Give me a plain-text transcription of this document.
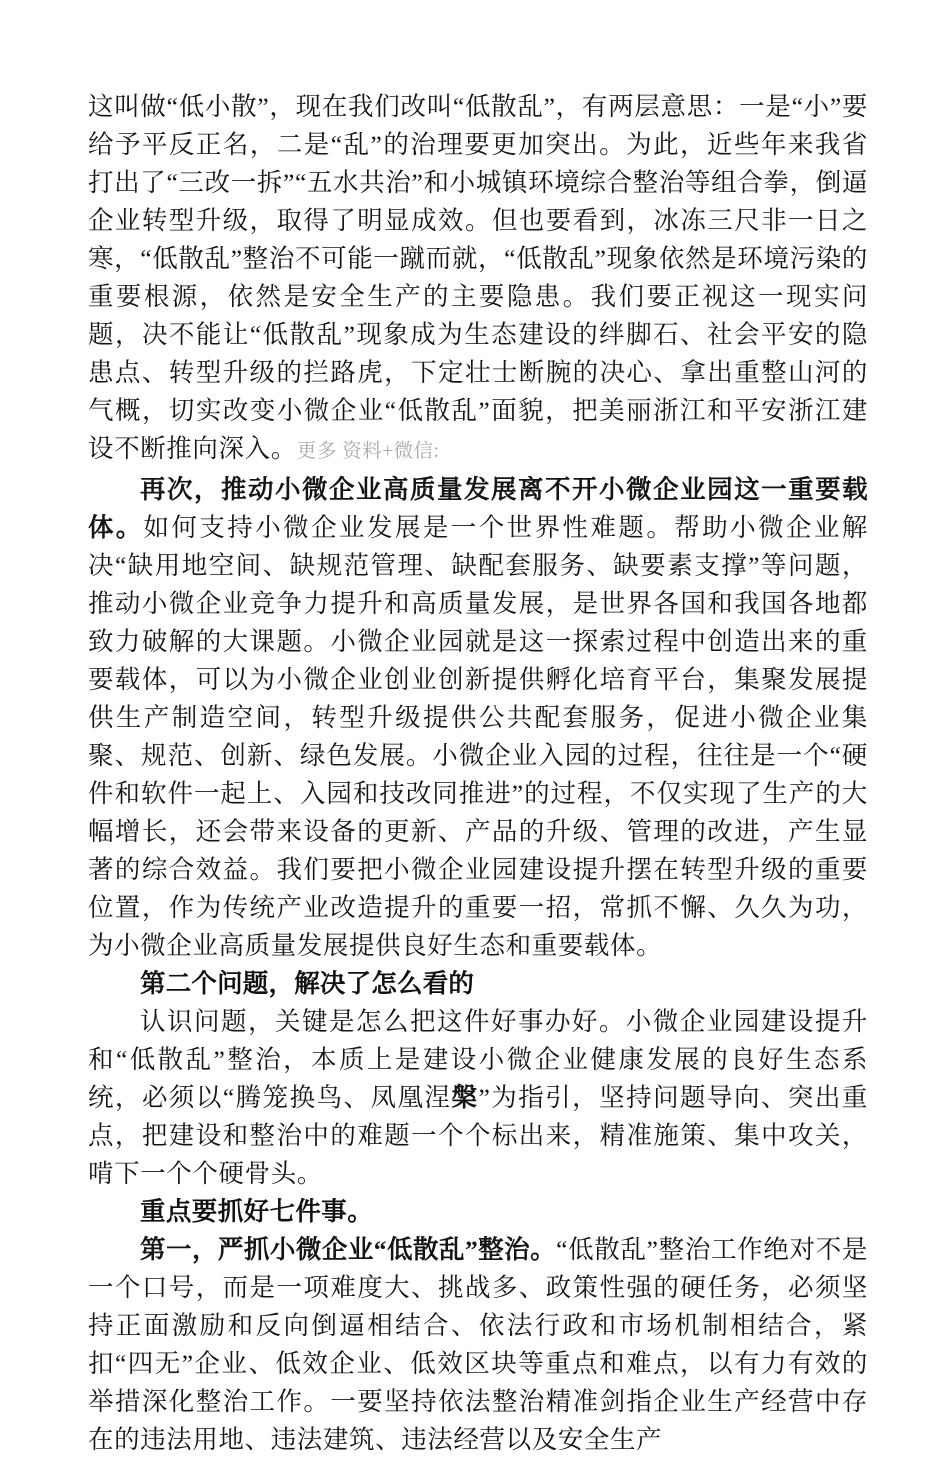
这叫做“低小散”，现在我们改叫“低散乱”，有两层意思：一是“小”要给予平反正名，二是“乱”的治理要更加突出。为此，近些年来我省打出了“三改一拆”“五水共治”和小城镇环境综合整治等组合拳，倒逼企业转型升级，取得了明显成效。但也要看到，冰冻三尺非一日之寒，“低散乱”整治不可能一蹴而就，“低散乱”现象依然是环境污染的重要根源，依然是安全生产的主要隐患。我们要正视这一现实问题，决不能让“低散乱”现象成为生态建设的绊脚石、社会平安的隐患点、转型升级的拦路虎，下定壮士断腕的决心、拿出重整山河的气概，切实改变小微企业“低散乱”面貌，把美丽浙江和平安浙江建设不断推向深入。更多 资料+微信:

再次，推动小微企业高质量发展离不开小微企业园这一重要载体。如何支持小微企业发展是一个世界性难题。帮助小微企业解决“缺用地空间、缺规范管理、缺配套服务、缺要素支撑”等问题，推动小微企业竞争力提升和高质量发展，是世界各国和我国各地都致力破解的大课题。小微企业园就是这一探索过程中创造出来的重要载体，可以为小微企业创业创新提供孵化培育平台，集聚发展提供生产制造空间，转型升级提供公共配套服务，促进小微企业集聚、规范、创新、绿色发展。小微企业入园的过程，往往是一个“硬件和软件一起上、入园和技改同推进”的过程，不仅实现了生产的大幅增长，还会带来设备的更新、产品的升级、管理的改进，产生显著的综合效益。我们要把小微企业园建设提升摆在转型升级的重要位置，作为传统产业改造提升的重要一招，常抓不懈、久久为功，为小微企业高质量发展提供良好生态和重要载体。

第二个问题，解决了怎么看的

认识问题，关键是怎么把这件好事办好。小微企业园建设提升和“低散乱”整治，本质上是建设小微企业健康发展的良好生态系统，必须以“腾笼换鸟、凤凰涅槃”为指引，坚持问题导向、突出重点，把建设和整治中的难题一个个标出来，精准施策、集中攻关，啃下一个个硬骨头。

重点要抓好七件事。

第一，严抓小微企业“低散乱”整治。“低散乱”整治工作绝对不是一个口号，而是一项难度大、挑战多、政策性强的硬任务，必须坚持正面激励和反向倒逼相结合、依法行政和市场机制相结合，紧扣“四无”企业、低效企业、低效区块等重点和难点，以有力有效的举措深化整治工作。一要坚持依法整治精准剑指企业生产经营中存在的违法用地、违法建筑、违法经营以及安全生产
